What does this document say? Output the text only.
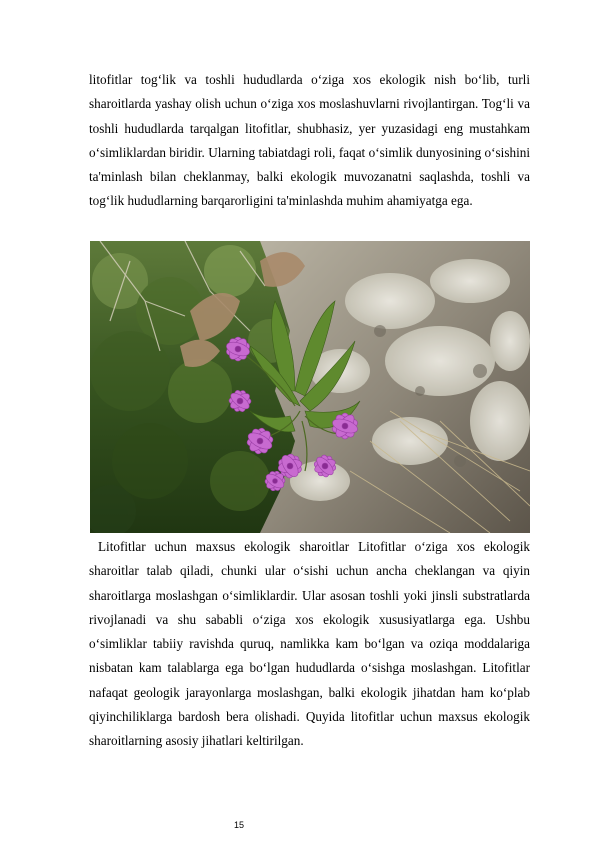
litofitlar tog‘lik va toshli hududlarda o‘ziga xos ekologik nish bo‘lib, turli sharoitlarda yashay olish uchun o‘ziga xos moslashuvlarni rivojlantirgan. Tog‘li va toshli hududlarda tarqalgan litofitlar, shubhasiz, yer yuzasidagi eng mustahkam o‘simliklardan biridir. Ularning tabiatdagi roli, faqat o‘simlik dunyosining o‘sishini ta'minlash bilan cheklanmay, balki ekologik muvozanatni saqlashda, toshli va tog‘lik hududlarning barqarorligini ta'minlashda muhim ahamiyatga ega.

Litofitlar uchun maxsus ekologik sharoitlar Litofitlar o‘ziga xos ekologik sharoitlar talab qiladi, chunki ular o‘sishi uchun ancha cheklangan va qiyin sharoitlarga moslashgan o‘simliklardir. Ular asosan toshli yoki jinsli substratlarda rivojlanadi va shu sababli o‘ziga xos ekologik xususiyatlarga ega. Ushbu o‘simliklar tabiiy ravishda quruq, namlikka kam bo‘lgan va oziqa moddalariga nisbatan kam talablarga ega bo‘lgan hududlarda o‘sishga moslashgan. Litofitlar nafaqat geologik jarayonlarga moslashgan, balki ekologik jihatdan ham ko‘plab qiyinchiliklarga bardosh bera olishadi. Quyida litofitlar uchun maxsus ekologik sharoitlarning asosiy jihatlari keltirilgan.

15
